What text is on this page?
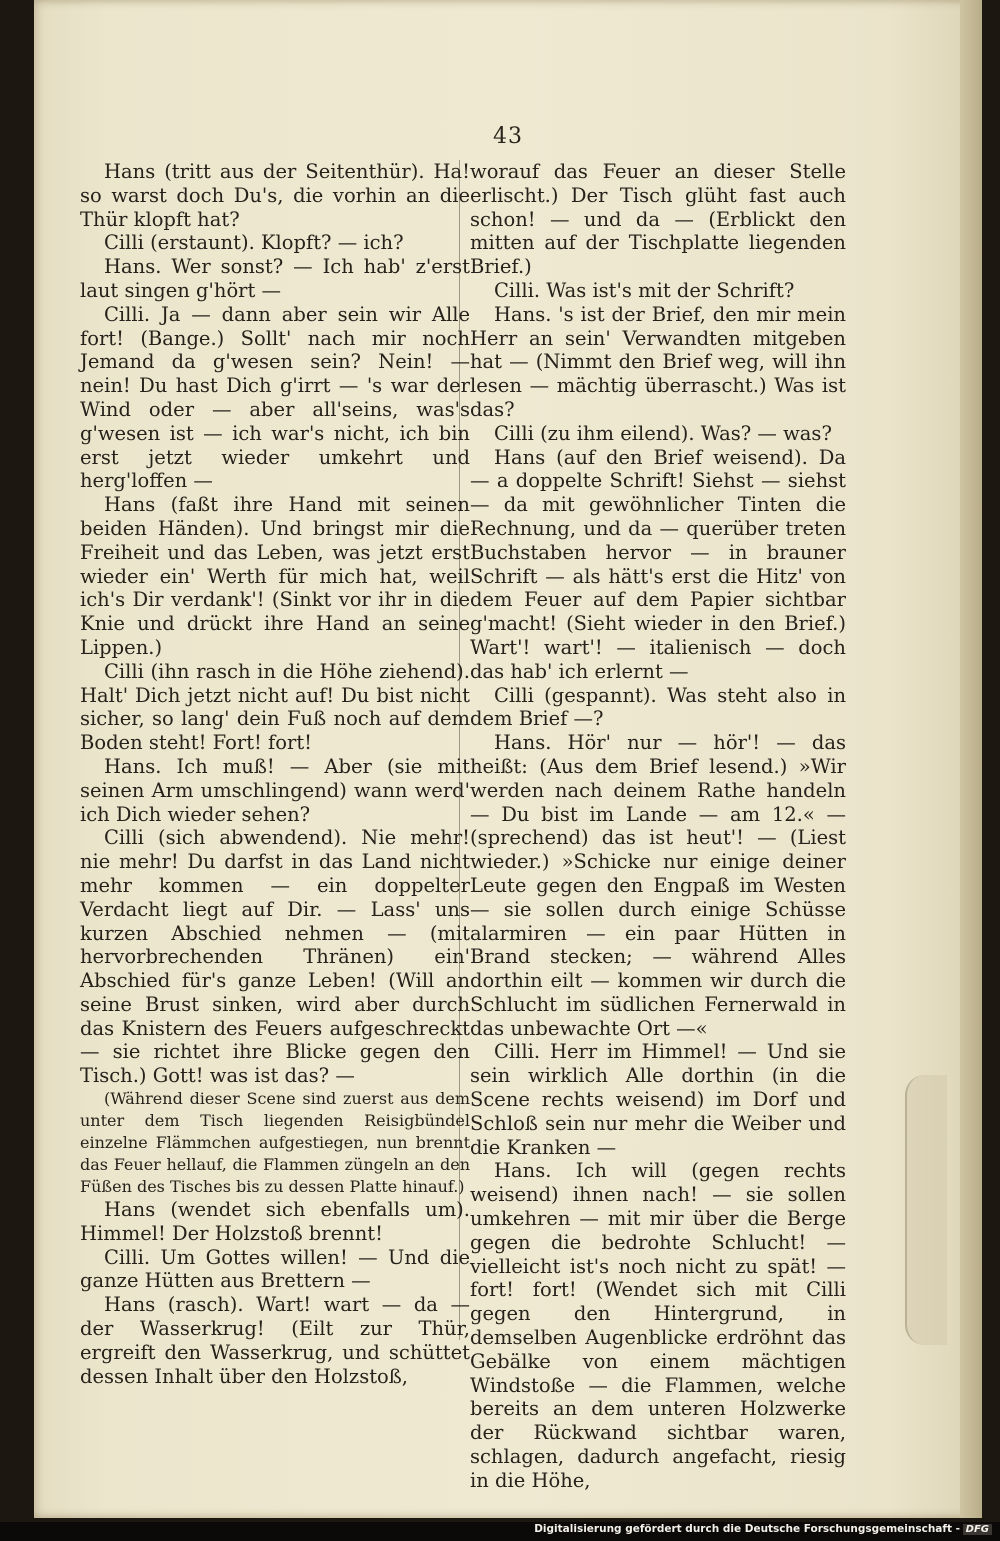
43

Hans (tritt aus der Seitenthür). Ha! so warst doch Du's, die vorhin an die Thür klopft hat?

Cilli (erstaunt). Klopft? — ich?

Hans. Wer sonst? — Ich hab' z'erst laut singen g'hört —

Cilli. Ja — dann aber sein wir Alle fort! (Bange.) Sollt' nach mir noch Jemand da g'wesen sein? Nein! — nein! Du hast Dich g'irrt — 's war der Wind oder — aber all'seins, was's g'wesen ist — ich war's nicht, ich bin erst jetzt wieder umkehrt und herg'loffen —

Hans (faßt ihre Hand mit seinen beiden Händen). Und bringst mir die Freiheit und das Leben, was jetzt erst wieder ein' Werth für mich hat, weil ich's Dir verdank'! (Sinkt vor ihr in die Knie und drückt ihre Hand an seine Lippen.)

Cilli (ihn rasch in die Höhe ziehend). Halt' Dich jetzt nicht auf! Du bist nicht sicher, so lang' dein Fuß noch auf dem Boden steht! Fort! fort!

Hans. Ich muß! — Aber (sie mit seinen Arm umschlingend) wann werd' ich Dich wieder sehen?

Cilli (sich abwendend). Nie mehr! nie mehr! Du darfst in das Land nicht mehr kommen — ein doppelter Verdacht liegt auf Dir. — Lass' uns kurzen Abschied nehmen — (mit hervorbrechenden Thränen) ein' Abschied für's ganze Leben! (Will an seine Brust sinken, wird aber durch das Knistern des Feuers aufgeschreckt — sie richtet ihre Blicke gegen den Tisch.) Gott! was ist das? —

(Während dieser Scene sind zuerst aus dem unter dem Tisch liegenden Reisigbündel einzelne Flämmchen aufgestiegen, nun brennt das Feuer hellauf, die Flammen züngeln an den Füßen des Tisches bis zu dessen Platte hinauf.)

Hans (wendet sich ebenfalls um). Himmel! Der Holzstoß brennt!

Cilli. Um Gottes willen! — Und die ganze Hütten aus Brettern —

Hans (rasch). Wart! wart — da — der Wasserkrug! (Eilt zur Thür, ergreift den Wasserkrug, und schüttet dessen Inhalt über den Holzstoß,

worauf das Feuer an dieser Stelle erlischt.) Der Tisch glüht fast auch schon! — und da — (Erblickt den mitten auf der Tischplatte liegenden Brief.)

Cilli. Was ist's mit der Schrift?

Hans. 's ist der Brief, den mir mein Herr an sein' Verwandten mitgeben hat — (Nimmt den Brief weg, will ihn lesen — mächtig überrascht.) Was ist das?

Cilli (zu ihm eilend). Was? — was?

Hans (auf den Brief weisend). Da — a doppelte Schrift! Siehst — siehst — da mit gewöhnlicher Tinten die Rechnung, und da — querüber treten Buchstaben hervor — in brauner Schrift — als hätt's erst die Hitz' von dem Feuer auf dem Papier sichtbar g'macht! (Sieht wieder in den Brief.) Wart'! wart'! — italienisch — doch das hab' ich erlernt —

Cilli (gespannt). Was steht also in dem Brief —?

Hans. Hör' nur — hör'! — das heißt: (Aus dem Brief lesend.) »Wir werden nach deinem Rathe handeln — Du bist im Lande — am 12.« — (sprechend) das ist heut'! — (Liest wieder.) »Schicke nur einige deiner Leute gegen den Engpaß im Westen — sie sollen durch einige Schüsse alarmiren — ein paar Hütten in Brand stecken; — während Alles dorthin eilt — kommen wir durch die Schlucht im südlichen Fernerwald in das unbewachte Ort —«

Cilli. Herr im Himmel! — Und sie sein wirklich Alle dorthin (in die Scene rechts weisend) im Dorf und Schloß sein nur mehr die Weiber und die Kranken —

Hans. Ich will (gegen rechts weisend) ihnen nach! — sie sollen umkehren — mit mir über die Berge gegen die bedrohte Schlucht! — vielleicht ist's noch nicht zu spät! — fort! fort! (Wendet sich mit Cilli gegen den Hintergrund, in demselben Augenblicke erdröhnt das Gebälke von einem mächtigen Windstoße — die Flammen, welche bereits an dem unteren Holzwerke der Rückwand sichtbar waren, schlagen, dadurch angefacht, riesig in die Höhe,

Digitalisierung gefördert durch die Deutsche Forschungsgemeinschaft - DFG
